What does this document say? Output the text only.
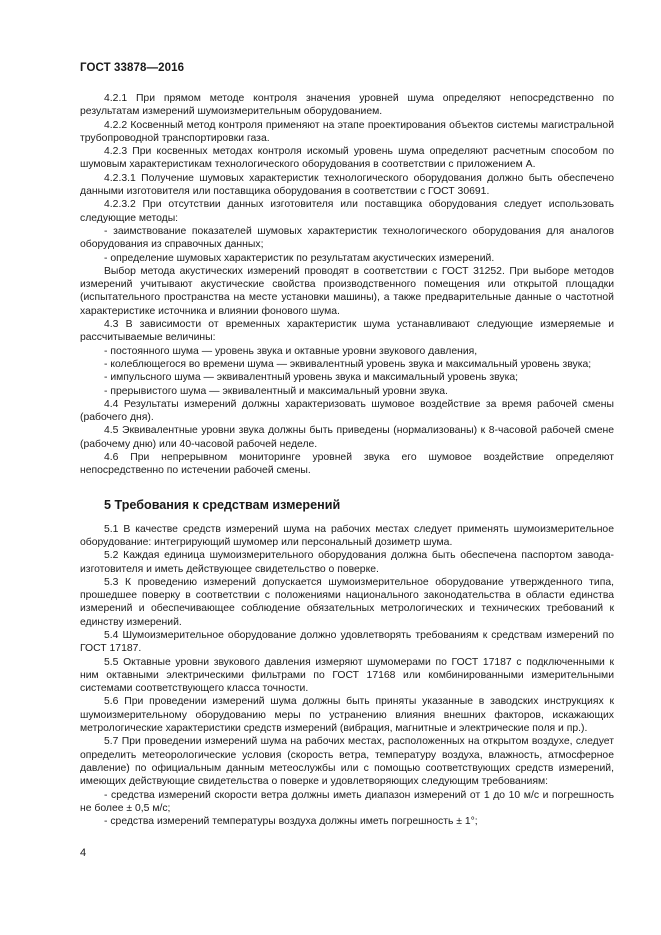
ГОСТ 33878—2016

4.2.1 При прямом методе контроля значения уровней шума определяют непосредственно по результатам измерений шумоизмерительным оборудованием.

4.2.2 Косвенный метод контроля применяют на этапе проектирования объектов системы магистральной трубопроводной транспортировки газа.

4.2.3 При косвенных методах контроля искомый уровень шума определяют расчетным способом по шумовым характеристикам технологического оборудования в соответствии с приложением А.

4.2.3.1 Получение шумовых характеристик технологического оборудования должно быть обеспечено данными изготовителя или поставщика оборудования в соответствии с ГОСТ 30691.

4.2.3.2 При отсутствии данных изготовителя или поставщика оборудования следует использовать следующие методы:

- заимствование показателей шумовых характеристик технологического оборудования для аналогов оборудования из справочных данных;

- определение шумовых характеристик по результатам акустических измерений.

Выбор метода акустических измерений проводят в соответствии с ГОСТ 31252. При выборе методов измерений учитывают акустические свойства производственного помещения или открытой площадки (испытательного пространства на месте установки машины), а также предварительные данные о частотной характеристике источника и влиянии фонового шума.

4.3 В зависимости от временных характеристик шума устанавливают следующие измеряемые и рассчитываемые величины:

- постоянного шума — уровень звука и октавные уровни звукового давления,

- колеблющегося во времени шума — эквивалентный уровень звука и максимальный уровень звука;

- импульсного шума — эквивалентный уровень звука и максимальный уровень звука;

- прерывистого шума — эквивалентный и максимальный уровни звука.

4.4 Результаты измерений должны характеризовать шумовое воздействие за время рабочей смены (рабочего дня).

4.5 Эквивалентные уровни звука должны быть приведены (нормализованы) к 8-часовой рабочей смене (рабочему дню) или 40-часовой рабочей неделе.

4.6 При непрерывном мониторинге уровней звука его шумовое воздействие определяют непосредственно по истечении рабочей смены.

5 Требования к средствам измерений

5.1 В качестве средств измерений шума на рабочих местах следует применять шумоизмерительное оборудование: интегрирующий шумомер или персональный дозиметр шума.

5.2 Каждая единица шумоизмерительного оборудования должна быть обеспечена паспортом завода-изготовителя и иметь действующее свидетельство о поверке.

5.3 К проведению измерений допускается шумоизмерительное оборудование утвержденного типа, прошедшее поверку в соответствии с положениями национального законодательства в области единства измерений и обеспечивающее соблюдение обязательных метрологических и технических требований к единству измерений.

5.4 Шумоизмерительное оборудование должно удовлетворять требованиям к средствам измерений по ГОСТ 17187.

5.5 Октавные уровни звукового давления измеряют шумомерами по ГОСТ 17187 с подключенными к ним октавными электрическими фильтрами по ГОСТ 17168 или комбинированными измерительными системами соответствующего класса точности.

5.6 При проведении измерений шума должны быть приняты указанные в заводских инструкциях к шумоизмерительному оборудованию меры по устранению влияния внешних факторов, искажающих метрологические характеристики средств измерений (вибрация, магнитные и электрические поля и пр.).

5.7 При проведении измерений шума на рабочих местах, расположенных на открытом воздухе, следует определить метеорологические условия (скорость ветра, температуру воздуха, влажность, атмосферное давление) по официальным данным метеослужбы или с помощью соответствующих средств измерений, имеющих действующие свидетельства о поверке и удовлетворяющих следующим требованиям:

- средства измерений скорости ветра должны иметь диапазон измерений от 1 до 10 м/с и погрешность не более ± 0,5 м/с;

- средства измерений температуры воздуха должны иметь погрешность ± 1°;

4
